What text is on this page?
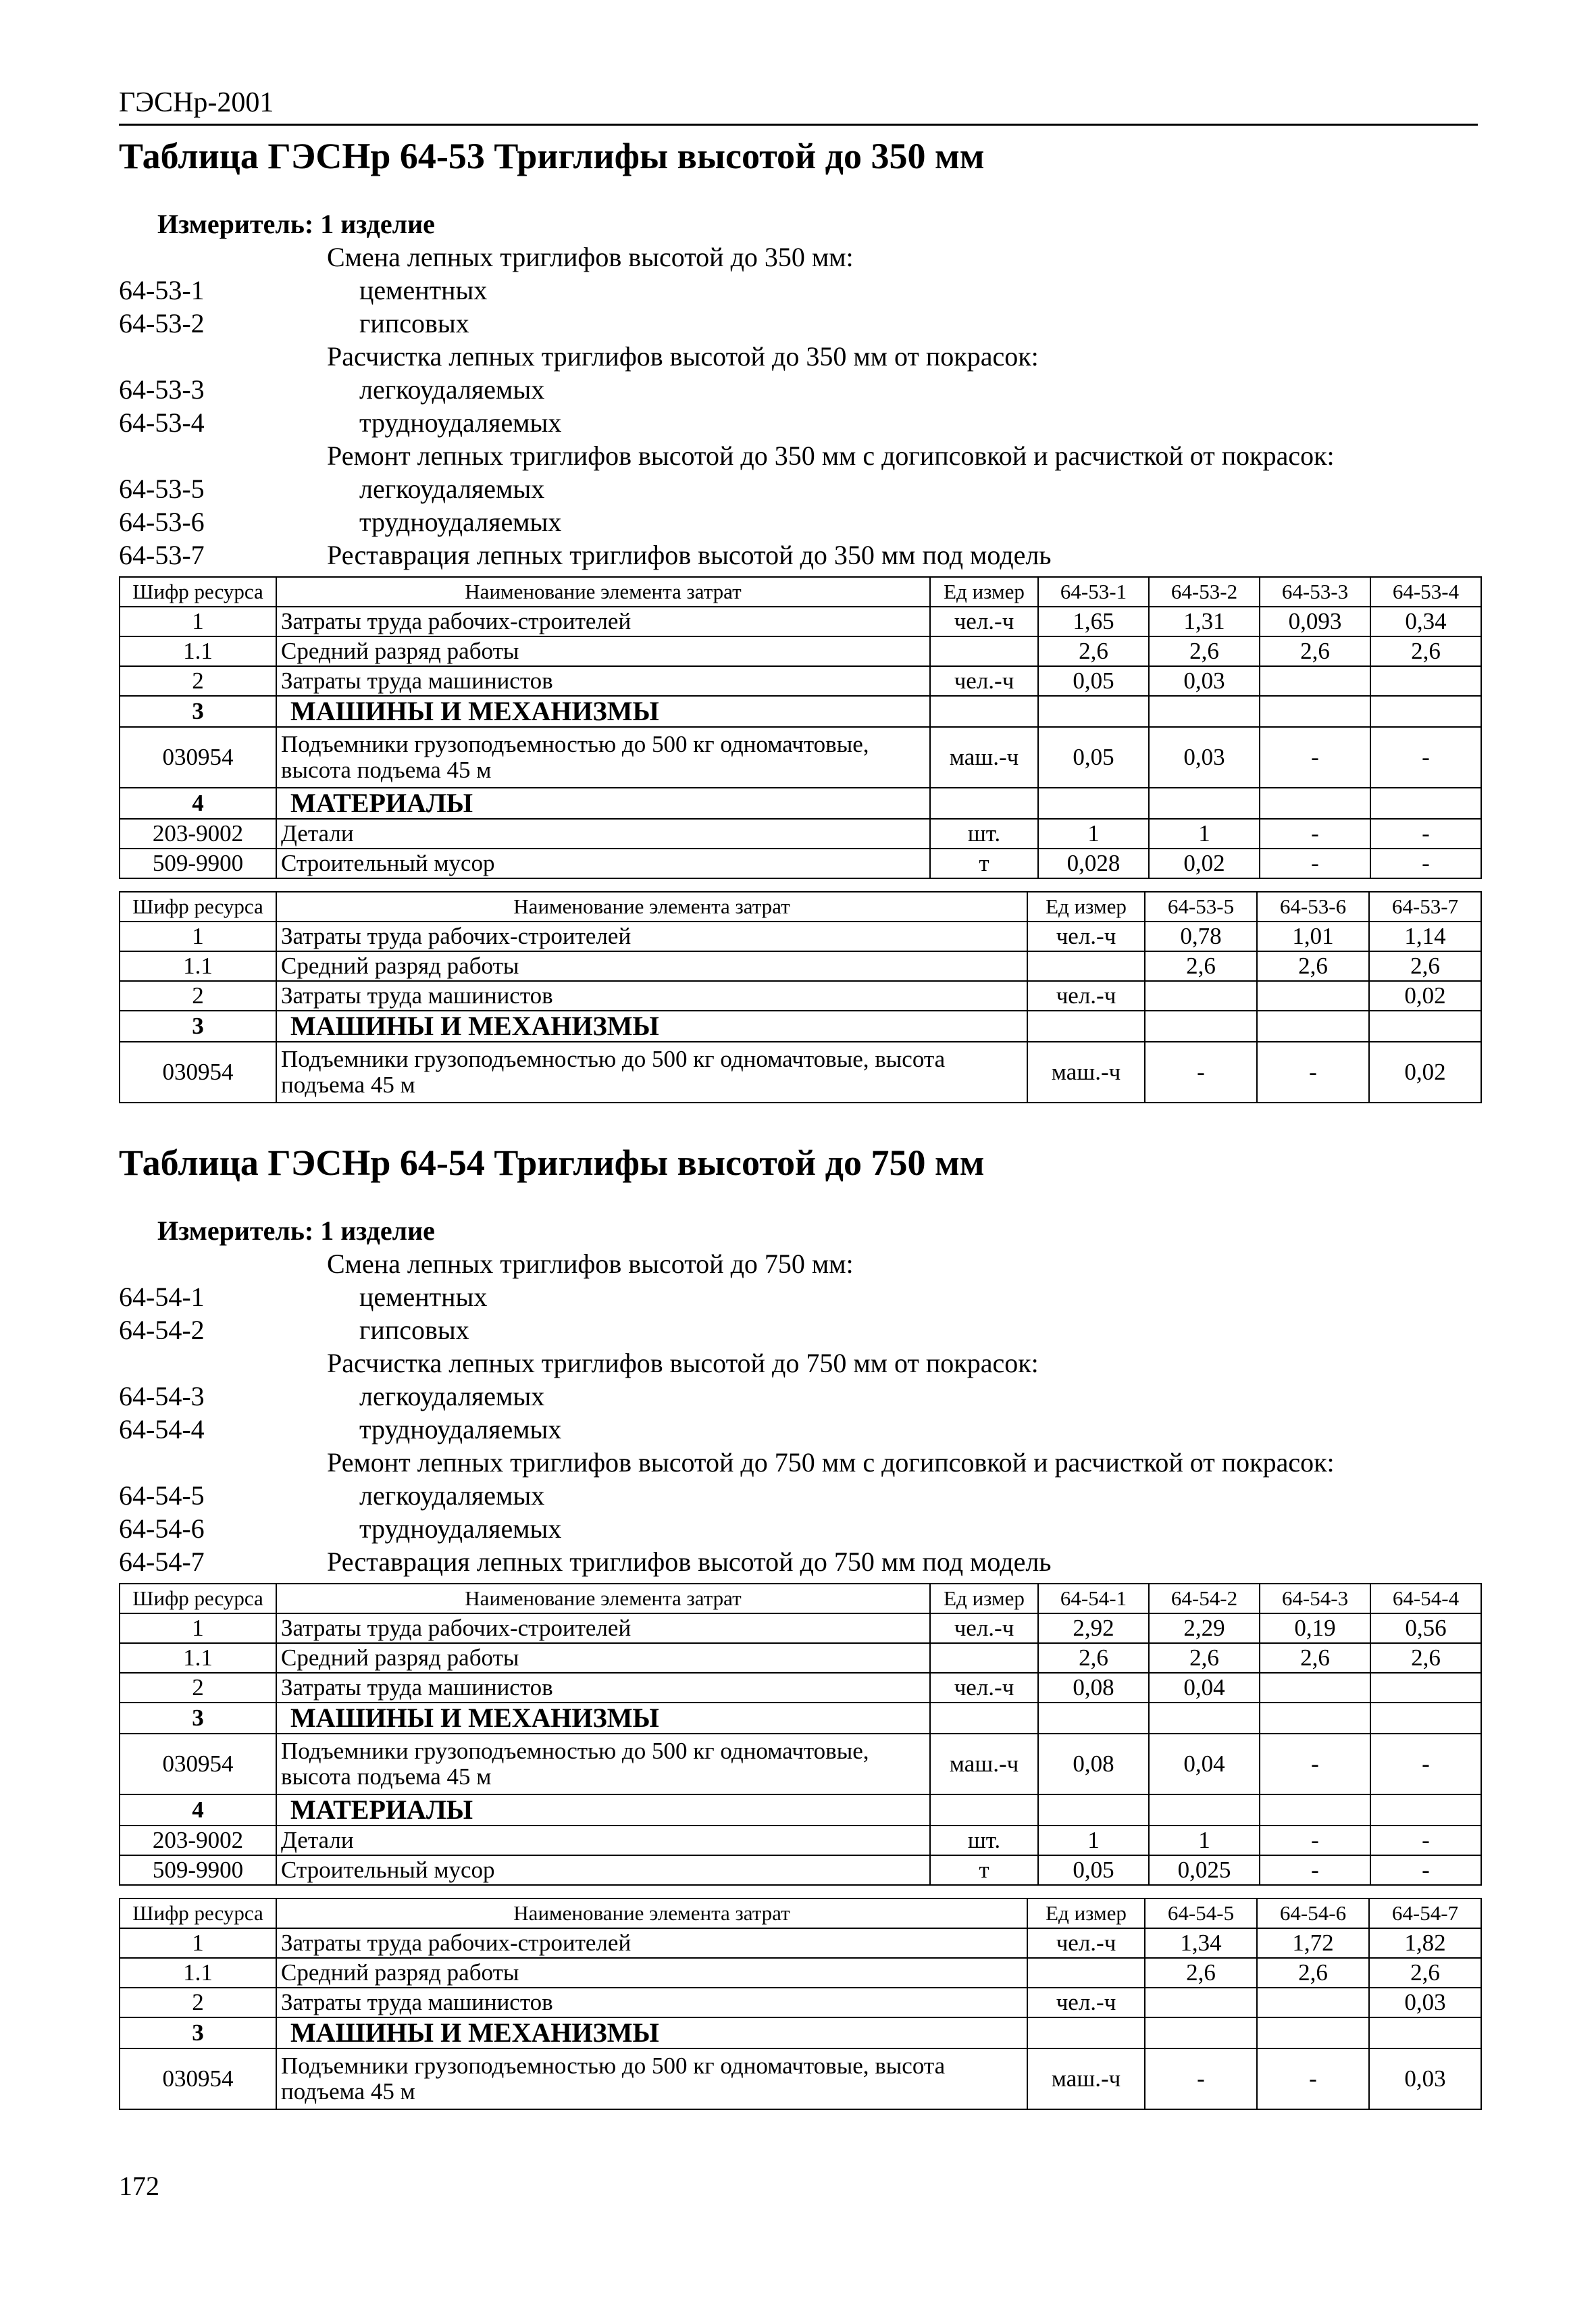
ГЭСНр-2001
Таблица ГЭСНр 64-53 Триглифы высотой до 350 мм
Измеритель: 1 изделие
Смена лепных триглифов высотой до 350 мм:
64-53-1	цементных
64-53-2	гипсовых
Расчистка лепных триглифов высотой до 350 мм от покрасок:
64-53-3	легкоудаляемых
64-53-4	трудноудаляемых
Ремонт лепных триглифов высотой до 350 мм с догипсовкой и расчисткой от покрасок:
64-53-5	легкоудаляемых
64-53-6	трудноудаляемых
64-53-7	Реставрация лепных триглифов высотой до 350 мм под модель
Шифр ресурса	Наименование элемента затрат	Ед измер	64-53-1	64-53-2	64-53-3	64-53-4
1	Затраты труда рабочих-строителей	чел.-ч	1,65	1,31	0,093	0,34
1.1	Средний разряд работы		2,6	2,6	2,6	2,6
2	Затраты труда машинистов	чел.-ч	0,05	0,03		
3	МАШИНЫ И МЕХАНИЗМЫ					
030954	Подъемники грузоподъемностью до 500 кг одномачтовые, высота подъема 45 м	маш.-ч	0,05	0,03	-	-
4	МАТЕРИАЛЫ					
203-9002	Детали	шт.	1	1	-	-
509-9900	Строительный мусор	т	0,028	0,02	-	-
Шифр ресурса	Наименование элемента затрат	Ед измер	64-53-5	64-53-6	64-53-7
1	Затраты труда рабочих-строителей	чел.-ч	0,78	1,01	1,14
1.1	Средний разряд работы		2,6	2,6	2,6
2	Затраты труда машинистов	чел.-ч			0,02
3	МАШИНЫ И МЕХАНИЗМЫ				
030954	Подъемники грузоподъемностью до 500 кг одномачтовые, высота подъема 45 м	маш.-ч	-	-	0,02
Таблица ГЭСНр 64-54 Триглифы высотой до 750 мм
Измеритель: 1 изделие
Смена лепных триглифов высотой до 750 мм:
64-54-1	цементных
64-54-2	гипсовых
Расчистка лепных триглифов высотой до 750 мм от покрасок:
64-54-3	легкоудаляемых
64-54-4	трудноудаляемых
Ремонт лепных триглифов высотой до 750 мм с догипсовкой и расчисткой от покрасок:
64-54-5	легкоудаляемых
64-54-6	трудноудаляемых
64-54-7	Реставрация лепных триглифов высотой до 750 мм под модель
Шифр ресурса	Наименование элемента затрат	Ед измер	64-54-1	64-54-2	64-54-3	64-54-4
1	Затраты труда рабочих-строителей	чел.-ч	2,92	2,29	0,19	0,56
1.1	Средний разряд работы		2,6	2,6	2,6	2,6
2	Затраты труда машинистов	чел.-ч	0,08	0,04		
3	МАШИНЫ И МЕХАНИЗМЫ					
030954	Подъемники грузоподъемностью до 500 кг одномачтовые, высота подъема 45 м	маш.-ч	0,08	0,04	-	-
4	МАТЕРИАЛЫ					
203-9002	Детали	шт.	1	1	-	-
509-9900	Строительный мусор	т	0,05	0,025	-	-
Шифр ресурса	Наименование элемента затрат	Ед измер	64-54-5	64-54-6	64-54-7
1	Затраты труда рабочих-строителей	чел.-ч	1,34	1,72	1,82
1.1	Средний разряд работы		2,6	2,6	2,6
2	Затраты труда машинистов	чел.-ч			0,03
3	МАШИНЫ И МЕХАНИЗМЫ				
030954	Подъемники грузоподъемностью до 500 кг одномачтовые, высота подъема 45 м	маш.-ч	-	-	0,03
172
